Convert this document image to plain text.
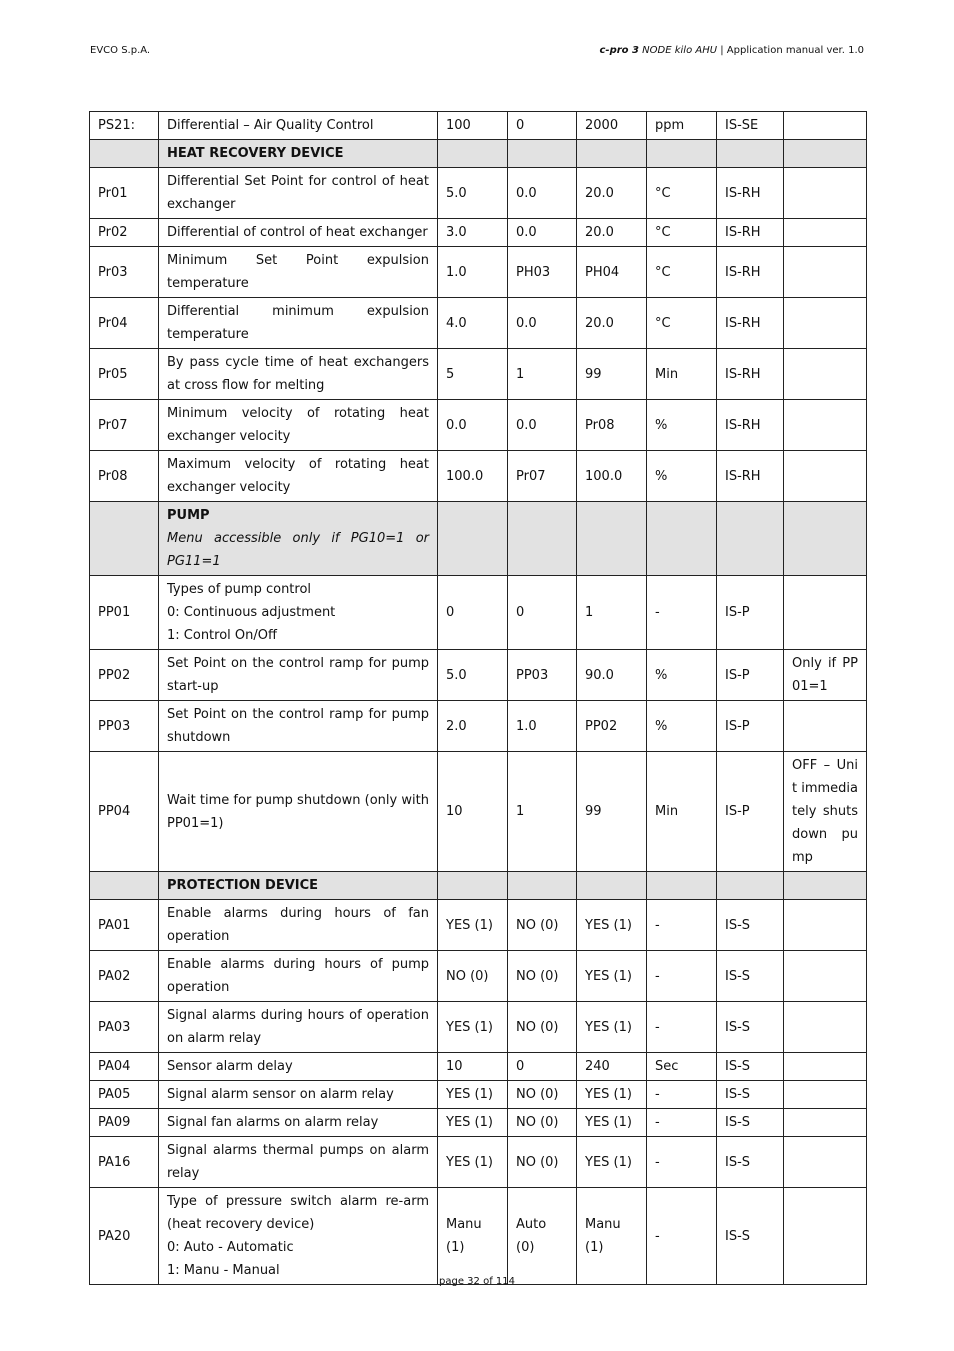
EVCO S.p.A.	c-pro 3 NODE kilo AHU | Application manual ver. 1.0
PS21:	Differential – Air Quality Control	100	0	2000	ppm	IS-SE	

	HEAT RECOVERY DEVICE						

Pr01	Differential Set Point for control of heat exchanger	5.0	0.0	20.0	°C	IS-RH	
Pr02	Differential of control of heat exchanger	3.0	0.0	20.0	°C	IS-RH	
Pr03	Minimum Set Point expulsion temperature	1.0	PH03	PH04	°C	IS-RH	
Pr04	Differential minimum expulsion temperature	4.0	0.0	20.0	°C	IS-RH	
Pr05	By pass cycle time of heat exchangers at cross flow for melting	5	1	99	Min	IS-RH	
Pr07	Minimum velocity of rotating heat exchanger velocity	0.0	0.0	Pr08	%	IS-RH	
Pr08	Maximum velocity of rotating heat exchanger velocity	100.0	Pr07	100.0	%	IS-RH	

	PUMP
Menu accessible only if PG10=1 or PG11=1						

PP01	Types of pump control
0: Continuous adjustment
1: Control On/Off	0	0	1	-	IS-P	
PP02	Set Point on the control ramp for pump start-up	5.0	PP03	90.0	%	IS-P	Only if PP01=1
PP03	Set Point on the control ramp for pump shutdown	2.0	1.0	PP02	%	IS-P	
PP04	Wait time for pump shutdown (only with PP01=1)	10	1	99	Min	IS-P	OFF – Unit immediately shuts down pump

	PROTECTION DEVICE						

PA01	Enable alarms during hours of fan operation	YES (1)	NO (0)	YES (1)	-	IS-S	
PA02	Enable alarms during hours of pump operation	NO (0)	NO (0)	YES (1)	-	IS-S	
PA03	Signal alarms during hours of operation on alarm relay	YES (1)	NO (0)	YES (1)	-	IS-S	
PA04	Sensor alarm delay	10	0	240	Sec	IS-S	
PA05	Signal alarm sensor on alarm relay	YES (1)	NO (0)	YES (1)	-	IS-S	
PA09	Signal fan alarms on alarm relay	YES (1)	NO (0)	YES (1)	-	IS-S	
PA16	Signal alarms thermal pumps on alarm relay	YES (1)	NO (0)	YES (1)	-	IS-S	
PA20	Type of pressure switch alarm re-arm (heat recovery device)
0: Auto - Automatic
1: Manu - Manual	Manu (1)	Auto (0)	Manu (1)	-	IS-S	
page 32 of 114
